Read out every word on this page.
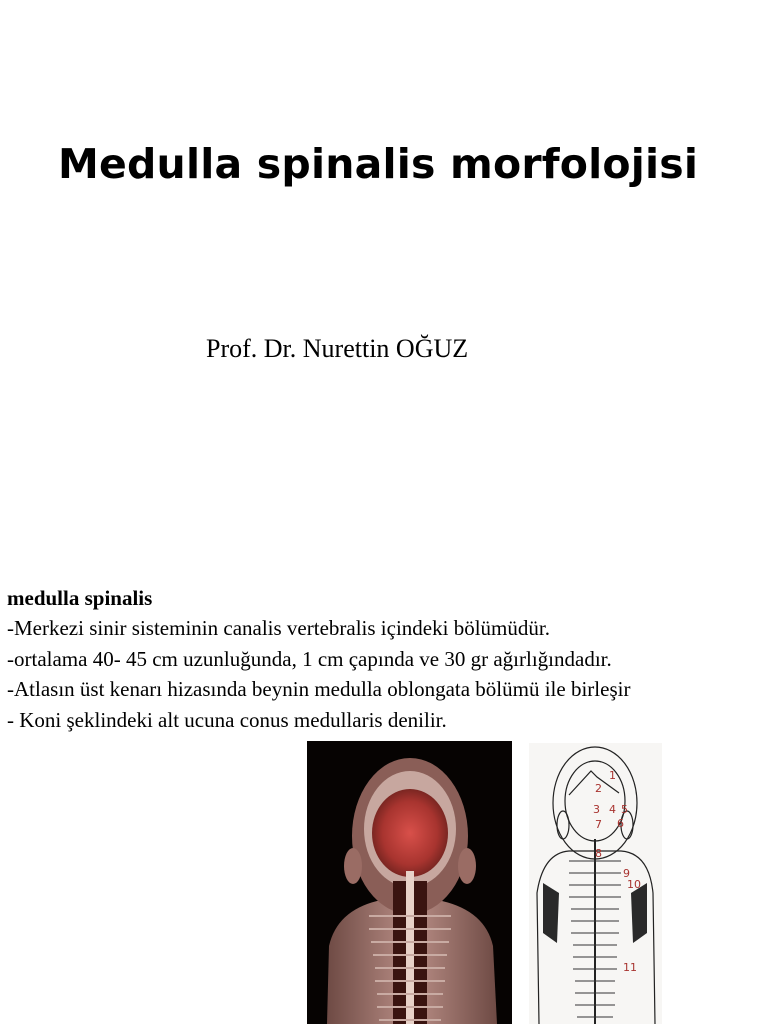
Medulla spinalis morfolojisi
Prof. Dr. Nurettin OĞUZ
medulla spinalis
-Merkezi sinir sisteminin canalis vertebralis içindeki bölümüdür.
-ortalama 40- 45 cm uzunluğunda, 1 cm çapında ve 30 gr ağırlığındadır.
-Atlasın üst kenarı hizasında beynin medulla oblongata bölümü ile birleşir
- Koni şeklindeki alt ucuna conus medullaris denilir.
1
2
3 4 5
7 6
8
9
10
11
